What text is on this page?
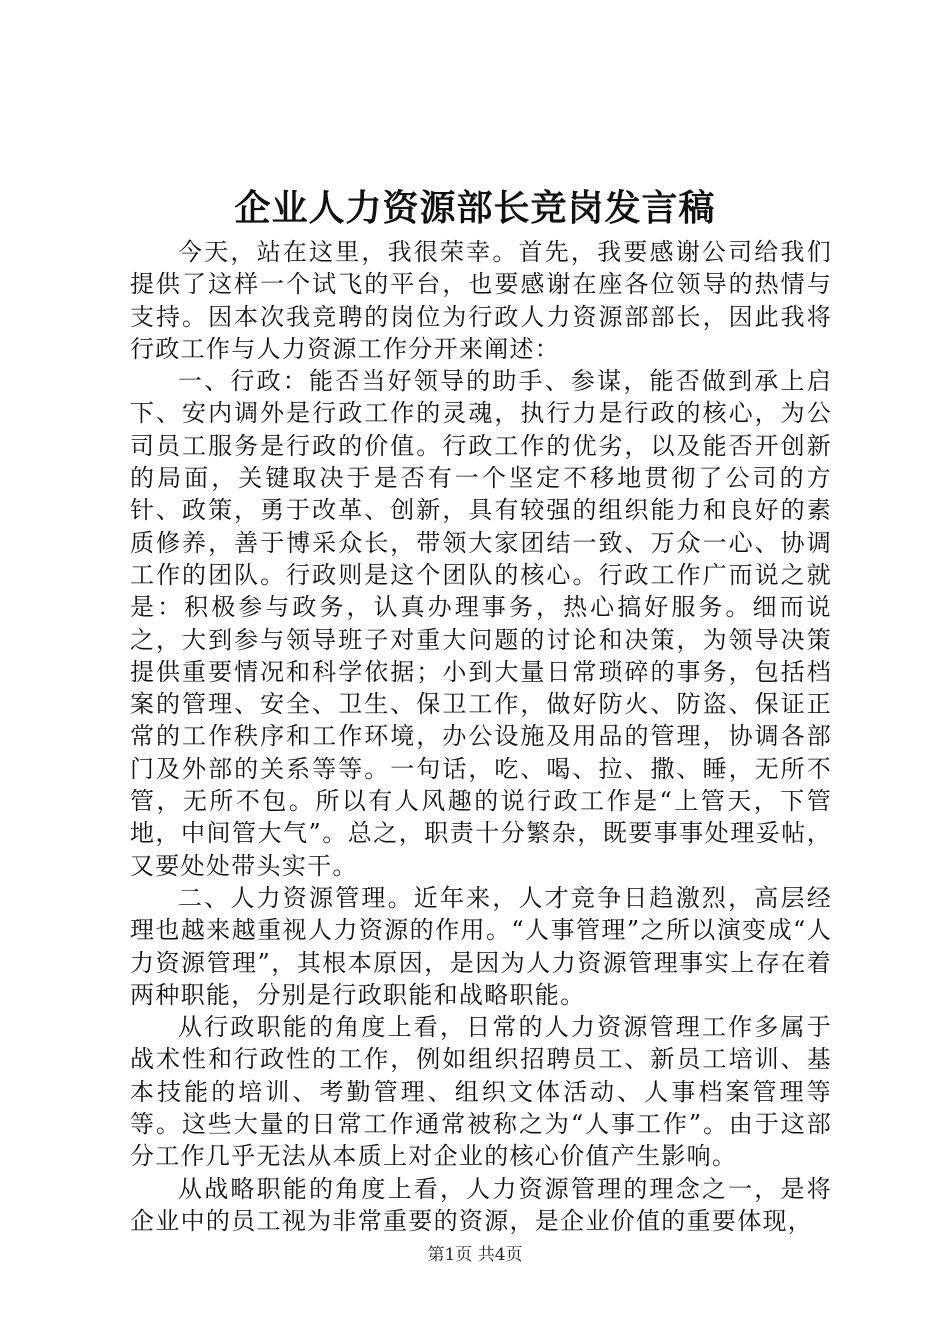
企业人力资源部长竞岗发言稿

今天，站在这里，我很荣幸。首先，我要感谢公司给我们提供了这样一个试飞的平台，也要感谢在座各位领导的热情与支持。因本次我竞聘的岗位为行政人力资源部部长，因此我将行政工作与人力资源工作分开来阐述：

一、行政：能否当好领导的助手、参谋，能否做到承上启下、安内调外是行政工作的灵魂，执行力是行政的核心，为公司员工服务是行政的价值。行政工作的优劣，以及能否开创新的局面，关键取决于是否有一个坚定不移地贯彻了公司的方针、政策，勇于改革、创新，具有较强的组织能力和良好的素质修养，善于博采众长，带领大家团结一致、万众一心、协调工作的团队。行政则是这个团队的核心。行政工作广而说之就是：积极参与政务，认真办理事务，热心搞好服务。细而说之，大到参与领导班子对重大问题的讨论和决策，为领导决策提供重要情况和科学依据；小到大量日常琐碎的事务，包括档案的管理、安全、卫生、保卫工作，做好防火、防盗、保证正常的工作秩序和工作环境，办公设施及用品的管理，协调各部门及外部的关系等等。一句话，吃、喝、拉、撒、睡，无所不管，无所不包。所以有人风趣的说行政工作是“上管天，下管地，中间管大气”。总之，职责十分繁杂，既要事事处理妥帖，又要处处带头实干。

二、人力资源管理。近年来，人才竞争日趋激烈，高层经理也越来越重视人力资源的作用。“人事管理”之所以演变成“人力资源管理”，其根本原因，是因为人力资源管理事实上存在着两种职能，分别是行政职能和战略职能。

从行政职能的角度上看，日常的人力资源管理工作多属于战术性和行政性的工作，例如组织招聘员工、新员工培训、基本技能的培训、考勤管理、组织文体活动、人事档案管理等等。这些大量的日常工作通常被称之为“人事工作”。由于这部分工作几乎无法从本质上对企业的核心价值产生影响。

从战略职能的角度上看，人力资源管理的理念之一，是将企业中的员工视为非常重要的资源，是企业价值的重要体现，

第1页 共4页
